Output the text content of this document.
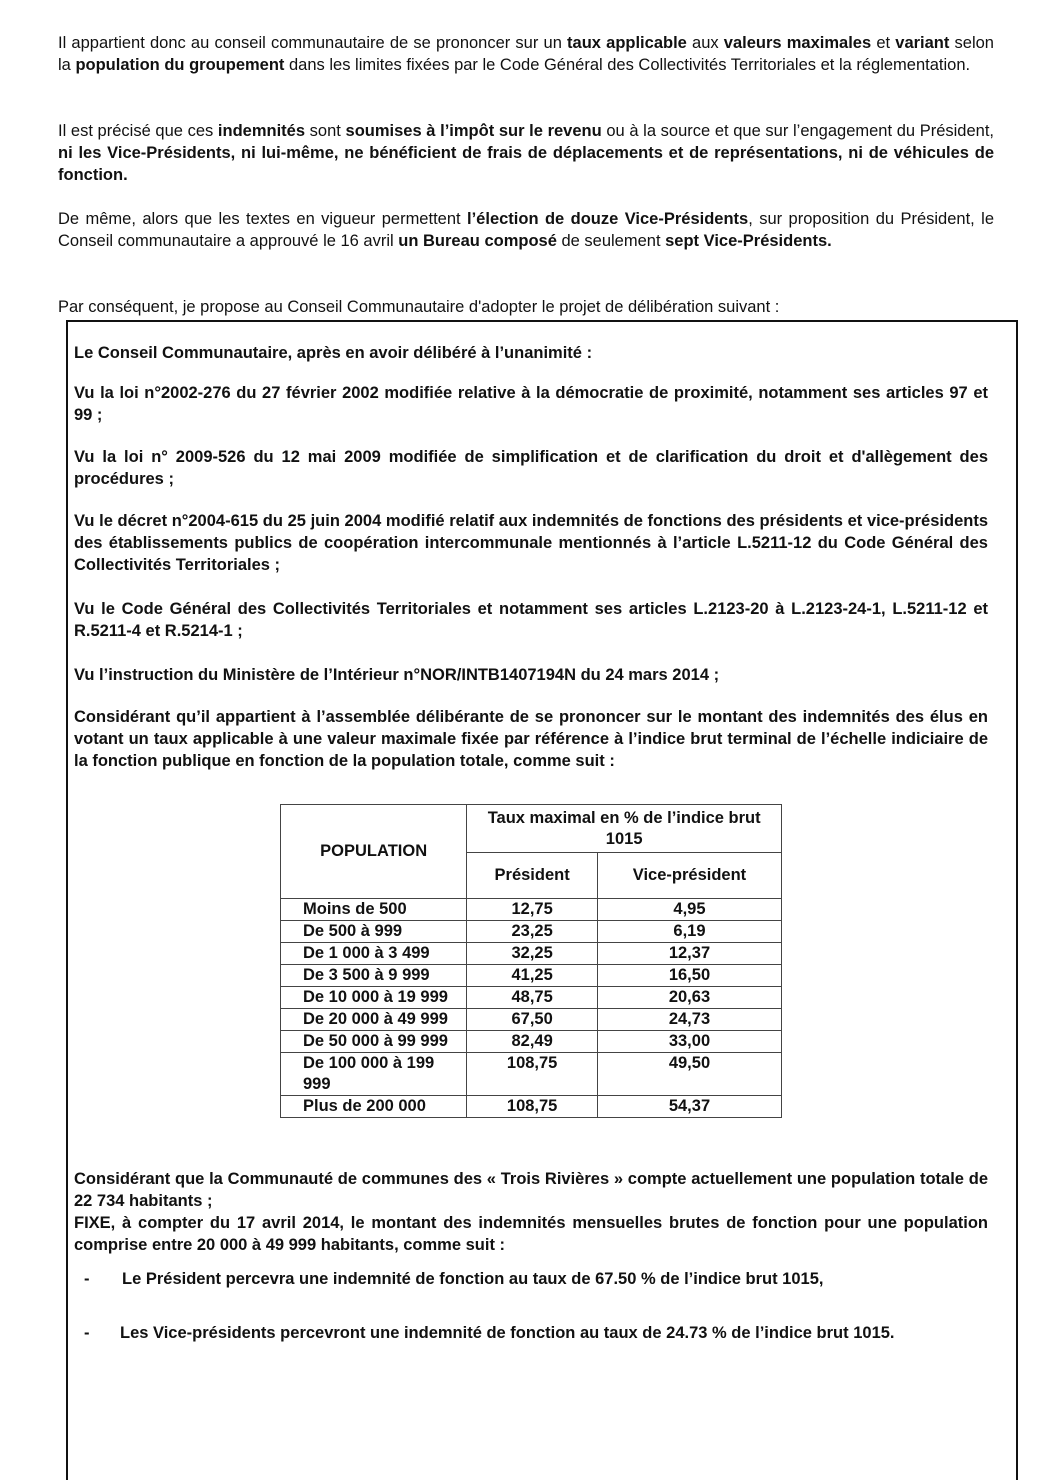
Il appartient donc au conseil communautaire de se prononcer sur un taux applicable aux valeurs maximales et variant selon la population du groupement dans les limites fixées par le Code Général des Collectivités Territoriales et la réglementation.

Il est précisé que ces indemnités sont soumises à l’impôt sur le revenu ou à la source et que sur l’engagement du Président, ni les Vice-Présidents, ni lui-même, ne bénéficient de frais de déplacements et de représentations, ni de véhicules de fonction.

De même, alors que les textes en vigueur permettent l’élection de douze Vice-Présidents, sur proposition du Président, le Conseil communautaire a approuvé le 16 avril un Bureau composé de seulement sept Vice-Présidents.

Par conséquent, je propose au Conseil Communautaire d'adopter le projet de délibération suivant :

Le Conseil Communautaire, après en avoir délibéré à l’unanimité :

Vu la loi n°2002-276 du 27 février 2002 modifiée relative à la démocratie de proximité, notamment ses articles 97 et 99 ;

Vu la loi n° 2009-526 du 12 mai 2009 modifiée de simplification et de clarification du droit et d'allègement des procédures ;

Vu le décret n°2004-615 du 25 juin 2004 modifié relatif aux indemnités de fonctions des présidents et vice-présidents des établissements publics de coopération intercommunale mentionnés à l’article L.5211-12 du Code Général des Collectivités Territoriales ;

Vu le Code Général des Collectivités Territoriales et notamment ses articles L.2123-20 à L.2123-24-1, L.5211-12 et R.5211-4 et R.5214-1 ;

Vu l’instruction du Ministère de l’Intérieur n°NOR/INTB1407194N du 24 mars 2014 ;

Considérant qu’il appartient à l’assemblée délibérante de se prononcer sur le montant des indemnités des élus en votant un taux applicable à une valeur maximale fixée par référence à l’indice brut terminal de l’échelle indiciaire de la fonction publique en fonction de la population totale, comme suit :

POPULATION	Taux maximal en % de l’indice brut 1015	
	Président	Vice-président
Moins de 500	12,75	4,95
De 500 à 999	23,25	6,19
De 1 000 à 3 499	32,25	12,37
De 3 500 à 9 999	41,25	16,50
De 10 000 à 19 999	48,75	20,63
De 20 000 à 49 999	67,50	24,73
De 50 000 à 99 999	82,49	33,00
De 100 000 à 199 999	108,75	49,50
Plus de 200 000	108,75	54,37

Considérant que la Communauté de communes des « Trois Rivières » compte actuellement une population totale de 22 734 habitants ;

FIXE, à compter du 17 avril 2014, le montant des indemnités mensuelles brutes de fonction pour une population comprise entre 20 000 à 49 999 habitants, comme suit :

- Le Président percevra une indemnité de fonction au taux de 67.50 % de l’indice brut 1015,

- Les Vice-présidents percevront une indemnité de fonction au taux de 24.73 % de l’indice brut 1015.
